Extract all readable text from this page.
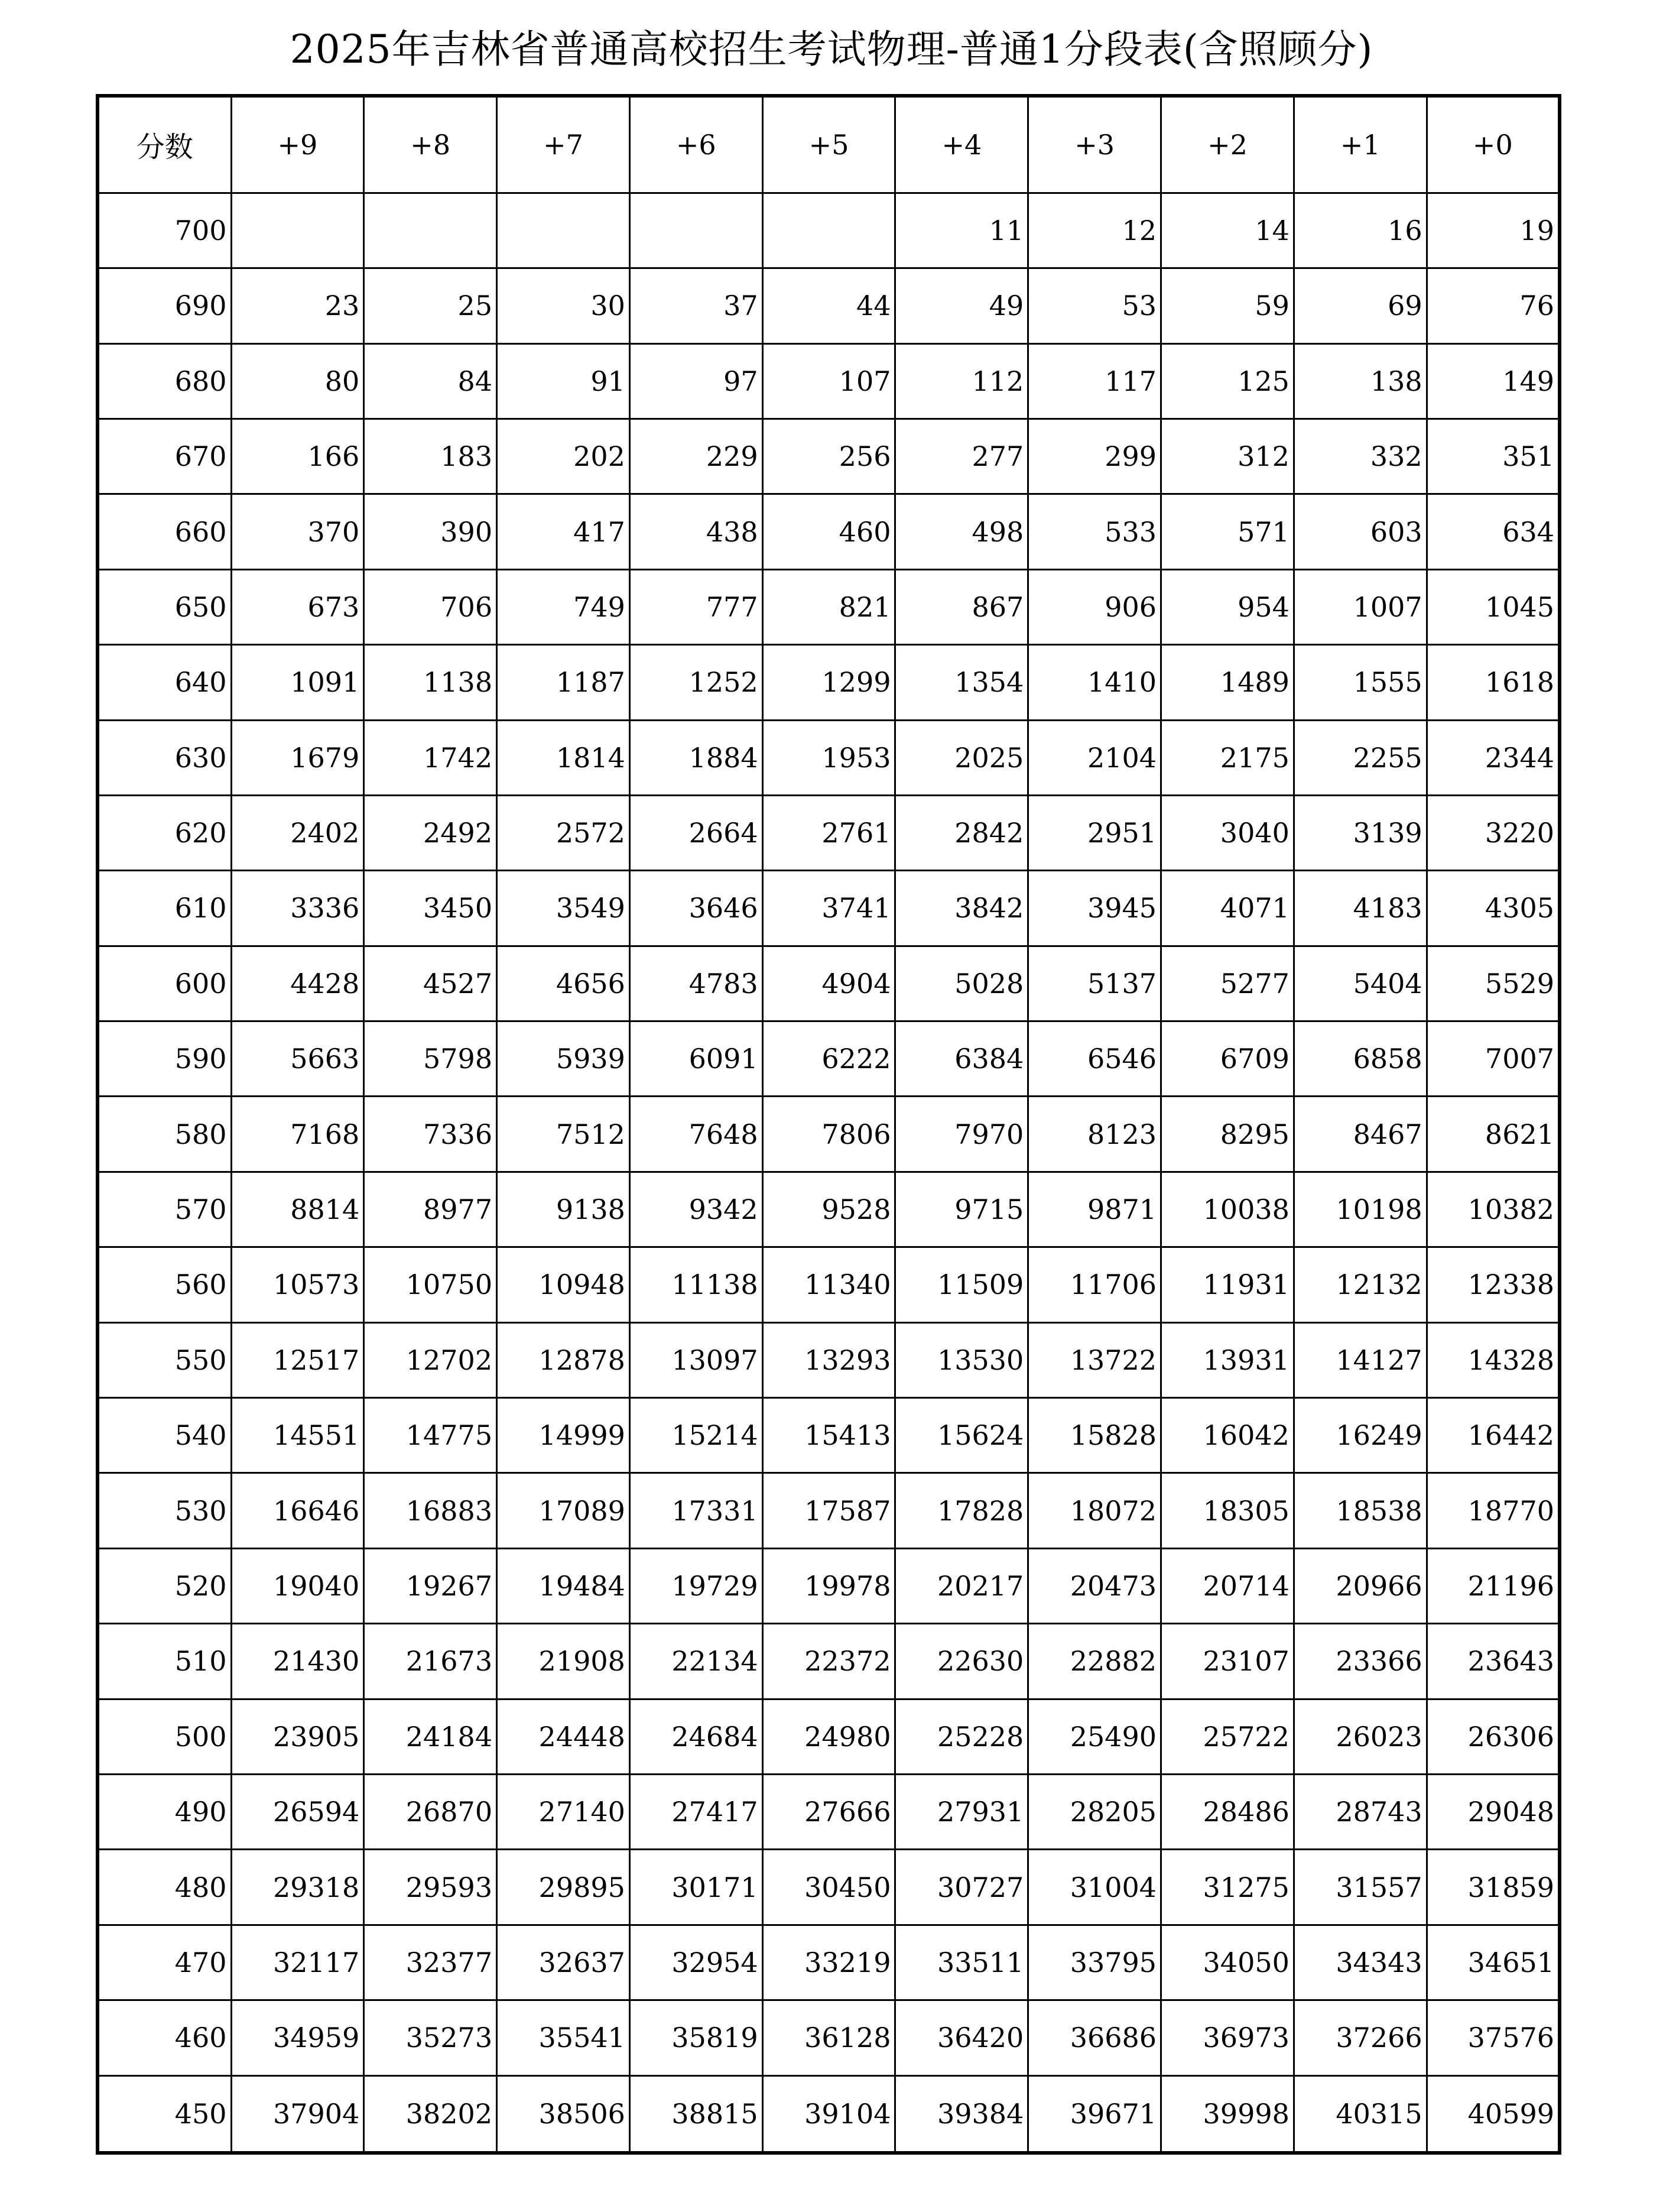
2025年吉林省普通高校招生考试物理-普通1分段表(含照顾分)
分数	+9	+8	+7	+6	+5	+4	+3	+2	+1	+0
700						11	12	14	16	19
690	23	25	30	37	44	49	53	59	69	76
680	80	84	91	97	107	112	117	125	138	149
670	166	183	202	229	256	277	299	312	332	351
660	370	390	417	438	460	498	533	571	603	634
650	673	706	749	777	821	867	906	954	1007	1045
640	1091	1138	1187	1252	1299	1354	1410	1489	1555	1618
630	1679	1742	1814	1884	1953	2025	2104	2175	2255	2344
620	2402	2492	2572	2664	2761	2842	2951	3040	3139	3220
610	3336	3450	3549	3646	3741	3842	3945	4071	4183	4305
600	4428	4527	4656	4783	4904	5028	5137	5277	5404	5529
590	5663	5798	5939	6091	6222	6384	6546	6709	6858	7007
580	7168	7336	7512	7648	7806	7970	8123	8295	8467	8621
570	8814	8977	9138	9342	9528	9715	9871	10038	10198	10382
560	10573	10750	10948	11138	11340	11509	11706	11931	12132	12338
550	12517	12702	12878	13097	13293	13530	13722	13931	14127	14328
540	14551	14775	14999	15214	15413	15624	15828	16042	16249	16442
530	16646	16883	17089	17331	17587	17828	18072	18305	18538	18770
520	19040	19267	19484	19729	19978	20217	20473	20714	20966	21196
510	21430	21673	21908	22134	22372	22630	22882	23107	23366	23643
500	23905	24184	24448	24684	24980	25228	25490	25722	26023	26306
490	26594	26870	27140	27417	27666	27931	28205	28486	28743	29048
480	29318	29593	29895	30171	30450	30727	31004	31275	31557	31859
470	32117	32377	32637	32954	33219	33511	33795	34050	34343	34651
460	34959	35273	35541	35819	36128	36420	36686	36973	37266	37576
450	37904	38202	38506	38815	39104	39384	39671	39998	40315	40599
